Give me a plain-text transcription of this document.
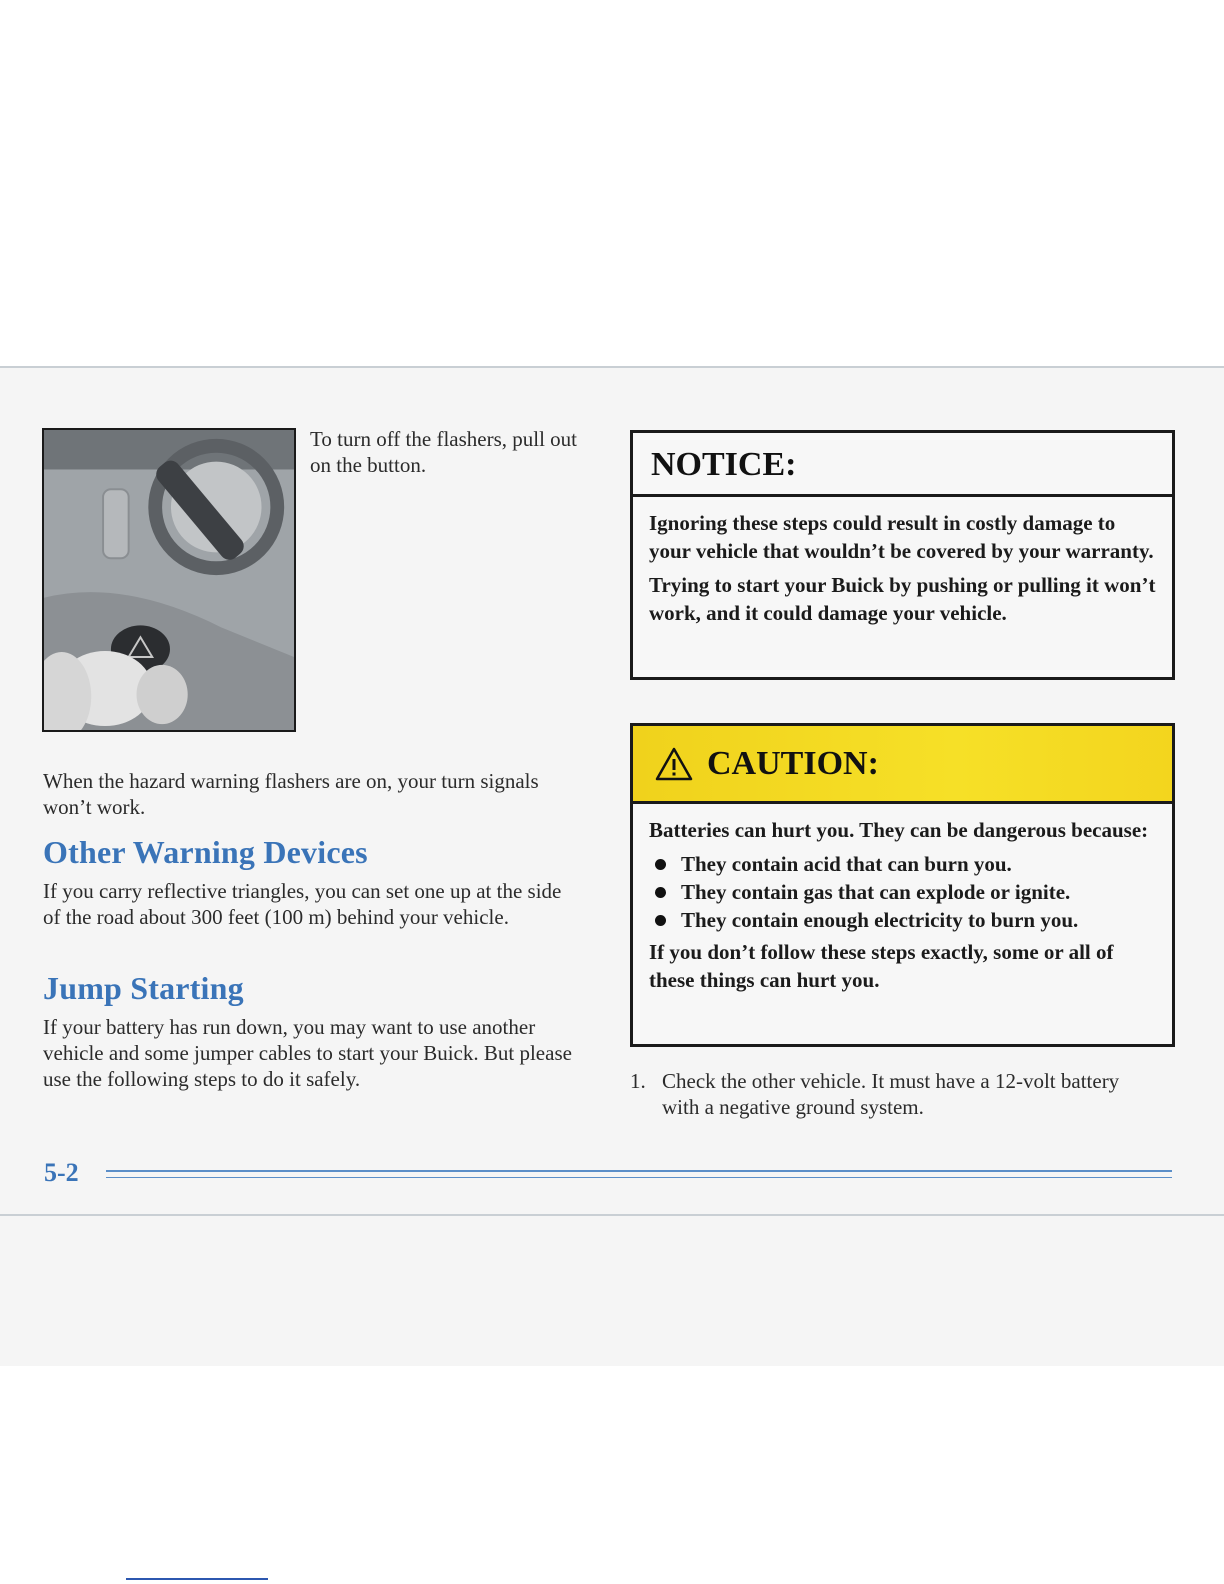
To turn off the flashers, pull out on the button.
When the hazard warning flashers are on, your turn signals won’t work.
Other Warning Devices
If you carry reflective triangles, you can set one up at the side of the road about 300 feet (100 m) behind your vehicle.
Jump Starting
If your battery has run down, you may want to use another vehicle and some jumper cables to start your Buick. But please use the following steps to do it safely.
NOTICE:

Ignoring these steps could result in costly damage to your vehicle that wouldn’t be covered by your warranty.

Trying to start your Buick by pushing or pulling it won’t work, and it could damage your vehicle.

CAUTION:

Batteries can hurt you. They can be dangerous because:

They contain acid that can burn you.
They contain gas that can explode or ignite.
They contain enough electricity to burn you.

If you don’t follow these steps exactly, some or all of these things can hurt you.

1. Check the other vehicle. It must have a 12-volt battery with a negative ground system.
5-2
